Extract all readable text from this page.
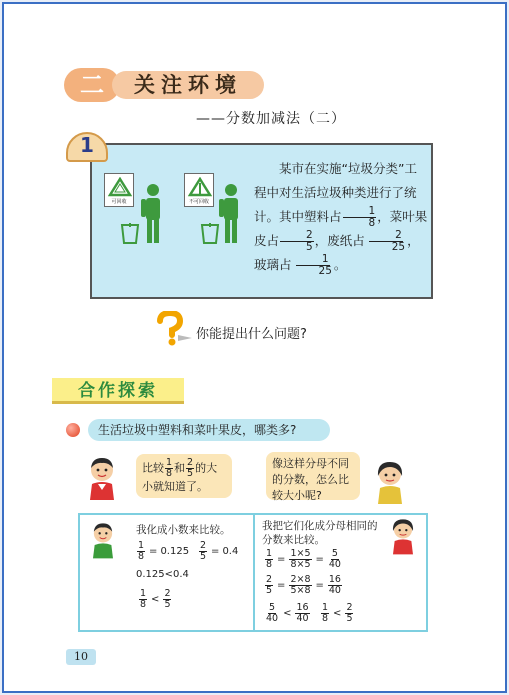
二	关注环境
——分数加减法（二）
可回收	不可回收

某市在实施“垃圾分类”工程中对生活垃圾种类进行了统计。其中塑料占 $\frac{1}{8}$ ，菜叶果皮占 $\frac{2}{5}$ ，废纸占 $\frac{2}{25}$ ，玻璃占 $\frac{1}{25}$ 。

1
你能提出什么问题?
合作探索
生活垃圾中塑料和菜叶果皮，哪类多?
比较 $\frac{1}{8}$ 和 $\frac{2}{5}$ 的大小就知道了。
像这样分母不同的分数，怎么比较大小呢?
我化成小数来比较。
$\frac{1}{8} = 0.125 \frac{2}{5} = 0.4$
0.125<0.4
$\frac{1}{8} < \frac{2}{5}$
我把它们化成分母相同的分数来比较。
$\frac{1}{8} = \frac{1\times 5}{8\times 5} = \frac{5}{40}$
$\frac{2}{5} = \frac{2\times 8}{5\times 8} = \frac{16}{40}$
$\frac{5}{40} < \frac{16}{40} \frac{1}{8} < \frac{2}{5}$
10
